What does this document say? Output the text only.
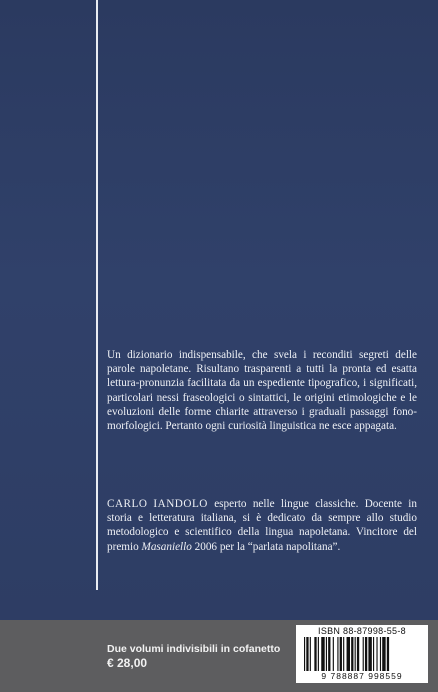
Un dizionario indispensabile, che svela i reconditi segreti delle parole napoletane. Risultano trasparenti a tutti la pronta ed esatta lettura-pronunzia facilitata da un espediente tipografico, i significati, particolari nessi fraseologici o sintattici, le origini etimologiche e le evoluzioni delle forme chiarite attraverso i graduali passaggi fono-morfologici. Pertanto ogni curiosità linguistica ne esce appagata.

CARLO IANDOLO esperto nelle lingue classiche. Docente in storia e letteratura italiana, si è dedicato da sempre allo studio metodologico e scientifico della lingua napoletana. Vincitore del premio Masaniello 2006 per la “parlata napolitana”.

Due volumi indivisibili in cofanetto
€ 28,00
ISBN 88-87998-55-8
9 788887 998559
